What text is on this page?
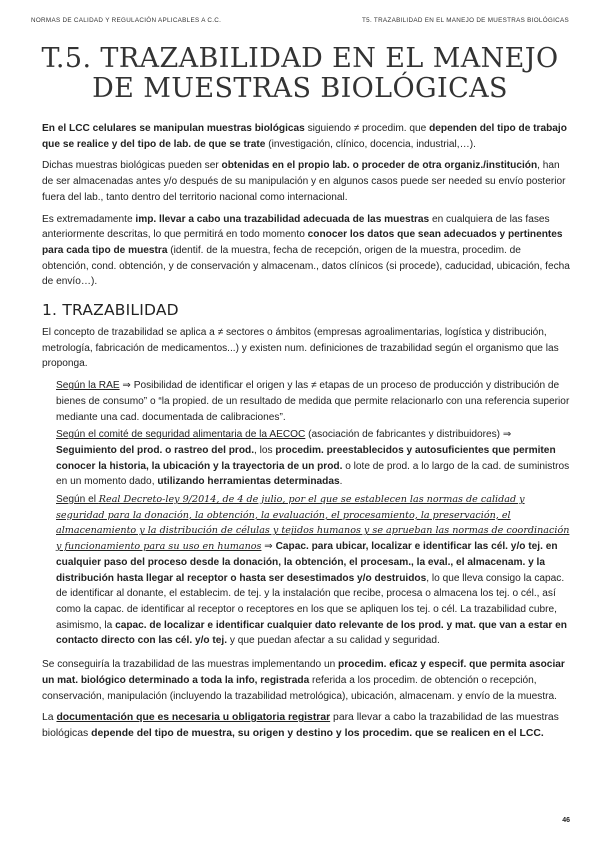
NORMAS DE CALIDAD Y REGULACIÓN APLICABLES A C.C.	T5. TRAZABILIDAD EN EL MANEJO DE MUESTRAS BIOLÓGICAS
T.5. TRAZABILIDAD EN EL MANEJO DE MUESTRAS BIOLÓGICAS

En el LCC celulares se manipulan muestras biológicas siguiendo ≠ procedim. que dependen del tipo de trabajo que se realice y del tipo de lab. de que se trate (investigación, clínico, docencia, industrial,…).

Dichas muestras biológicas pueden ser obtenidas en el propio lab. o proceder de otra organiz./institución, han de ser almacenadas antes y/o después de su manipulación y en algunos casos puede ser needed su envío posterior fuera del lab., tanto dentro del territorio nacional como internacional.

Es extremadamente imp. llevar a cabo una trazabilidad adecuada de las muestras en cualquiera de las fases anteriormente descritas, lo que permitirá en todo momento conocer los datos que sean adecuados y pertinentes para cada tipo de muestra (identif. de la muestra, fecha de recepción, origen de la muestra, procedim. de obtención, cond. obtención, y de conservación y almacenam., datos clínicos (si procede), caducidad, ubicación, fecha de envío…).

1. TRAZABILIDAD

El concepto de trazabilidad se aplica a ≠ sectores o ámbitos (empresas agroalimentarias, logística y distribución, metrología, fabricación de medicamentos...) y existen num. definiciones de trazabilidad según el organismo que las proponga.

Según la RAE ⇒ Posibilidad de identificar el origen y las ≠ etapas de un proceso de producción y distribución de bienes de consumo” o “la propied. de un resultado de medida que permite relacionarlo con una referencia superior mediante una cad. documentada de calibraciones”.

Según el comité de seguridad alimentaria de la AECOC (asociación de fabricantes y distribuidores) ⇒ Seguimiento del prod. o rastreo del prod., los procedim. preestablecidos y autosuficientes que permiten conocer la historia, la ubicación y la trayectoria de un prod. o lote de prod. a lo largo de la cad. de suministros en un momento dado, utilizando herramientas determinadas.

Según el Real Decreto-ley 9/2014, de 4 de julio, por el que se establecen las normas de calidad y seguridad para la donación, la obtención, la evaluación, el procesamiento, la preservación, el almacenamiento y la distribución de células y tejidos humanos y se aprueban las normas de coordinación y funcionamiento para su uso en humanos ⇒ Capac. para ubicar, localizar e identificar las cél. y/o tej. en cualquier paso del proceso desde la donación, la obtención, el procesam., la eval., el almacenam. y la distribución hasta llegar al receptor o hasta ser desestimados y/o destruidos, lo que lleva consigo la capac. de identificar al donante, el establecim. de tej. y la instalación que recibe, procesa o almacena los tej. o cél., así como la capac. de identificar al receptor o receptores en los que se apliquen los tej. o cél. La trazabilidad cubre, asimismo, la capac. de localizar e identificar cualquier dato relevante de los prod. y mat. que van a estar en contacto directo con las cél. y/o tej. y que puedan afectar a su calidad y seguridad.

Se conseguiría la trazabilidad de las muestras implementando un procedim. eficaz y especif. que permita asociar un mat. biológico determinado a toda la info, registrada referida a los procedim. de obtención o recepción, conservación, manipulación (incluyendo la trazabilidad metrológica), ubicación, almacenam. y envío de la muestra.

La documentación que es necesaria u obligatoria registrar para llevar a cabo la trazabilidad de las muestras biológicas depende del tipo de muestra, su origen y destino y los procedim. que se realicen en el LCC.

46
